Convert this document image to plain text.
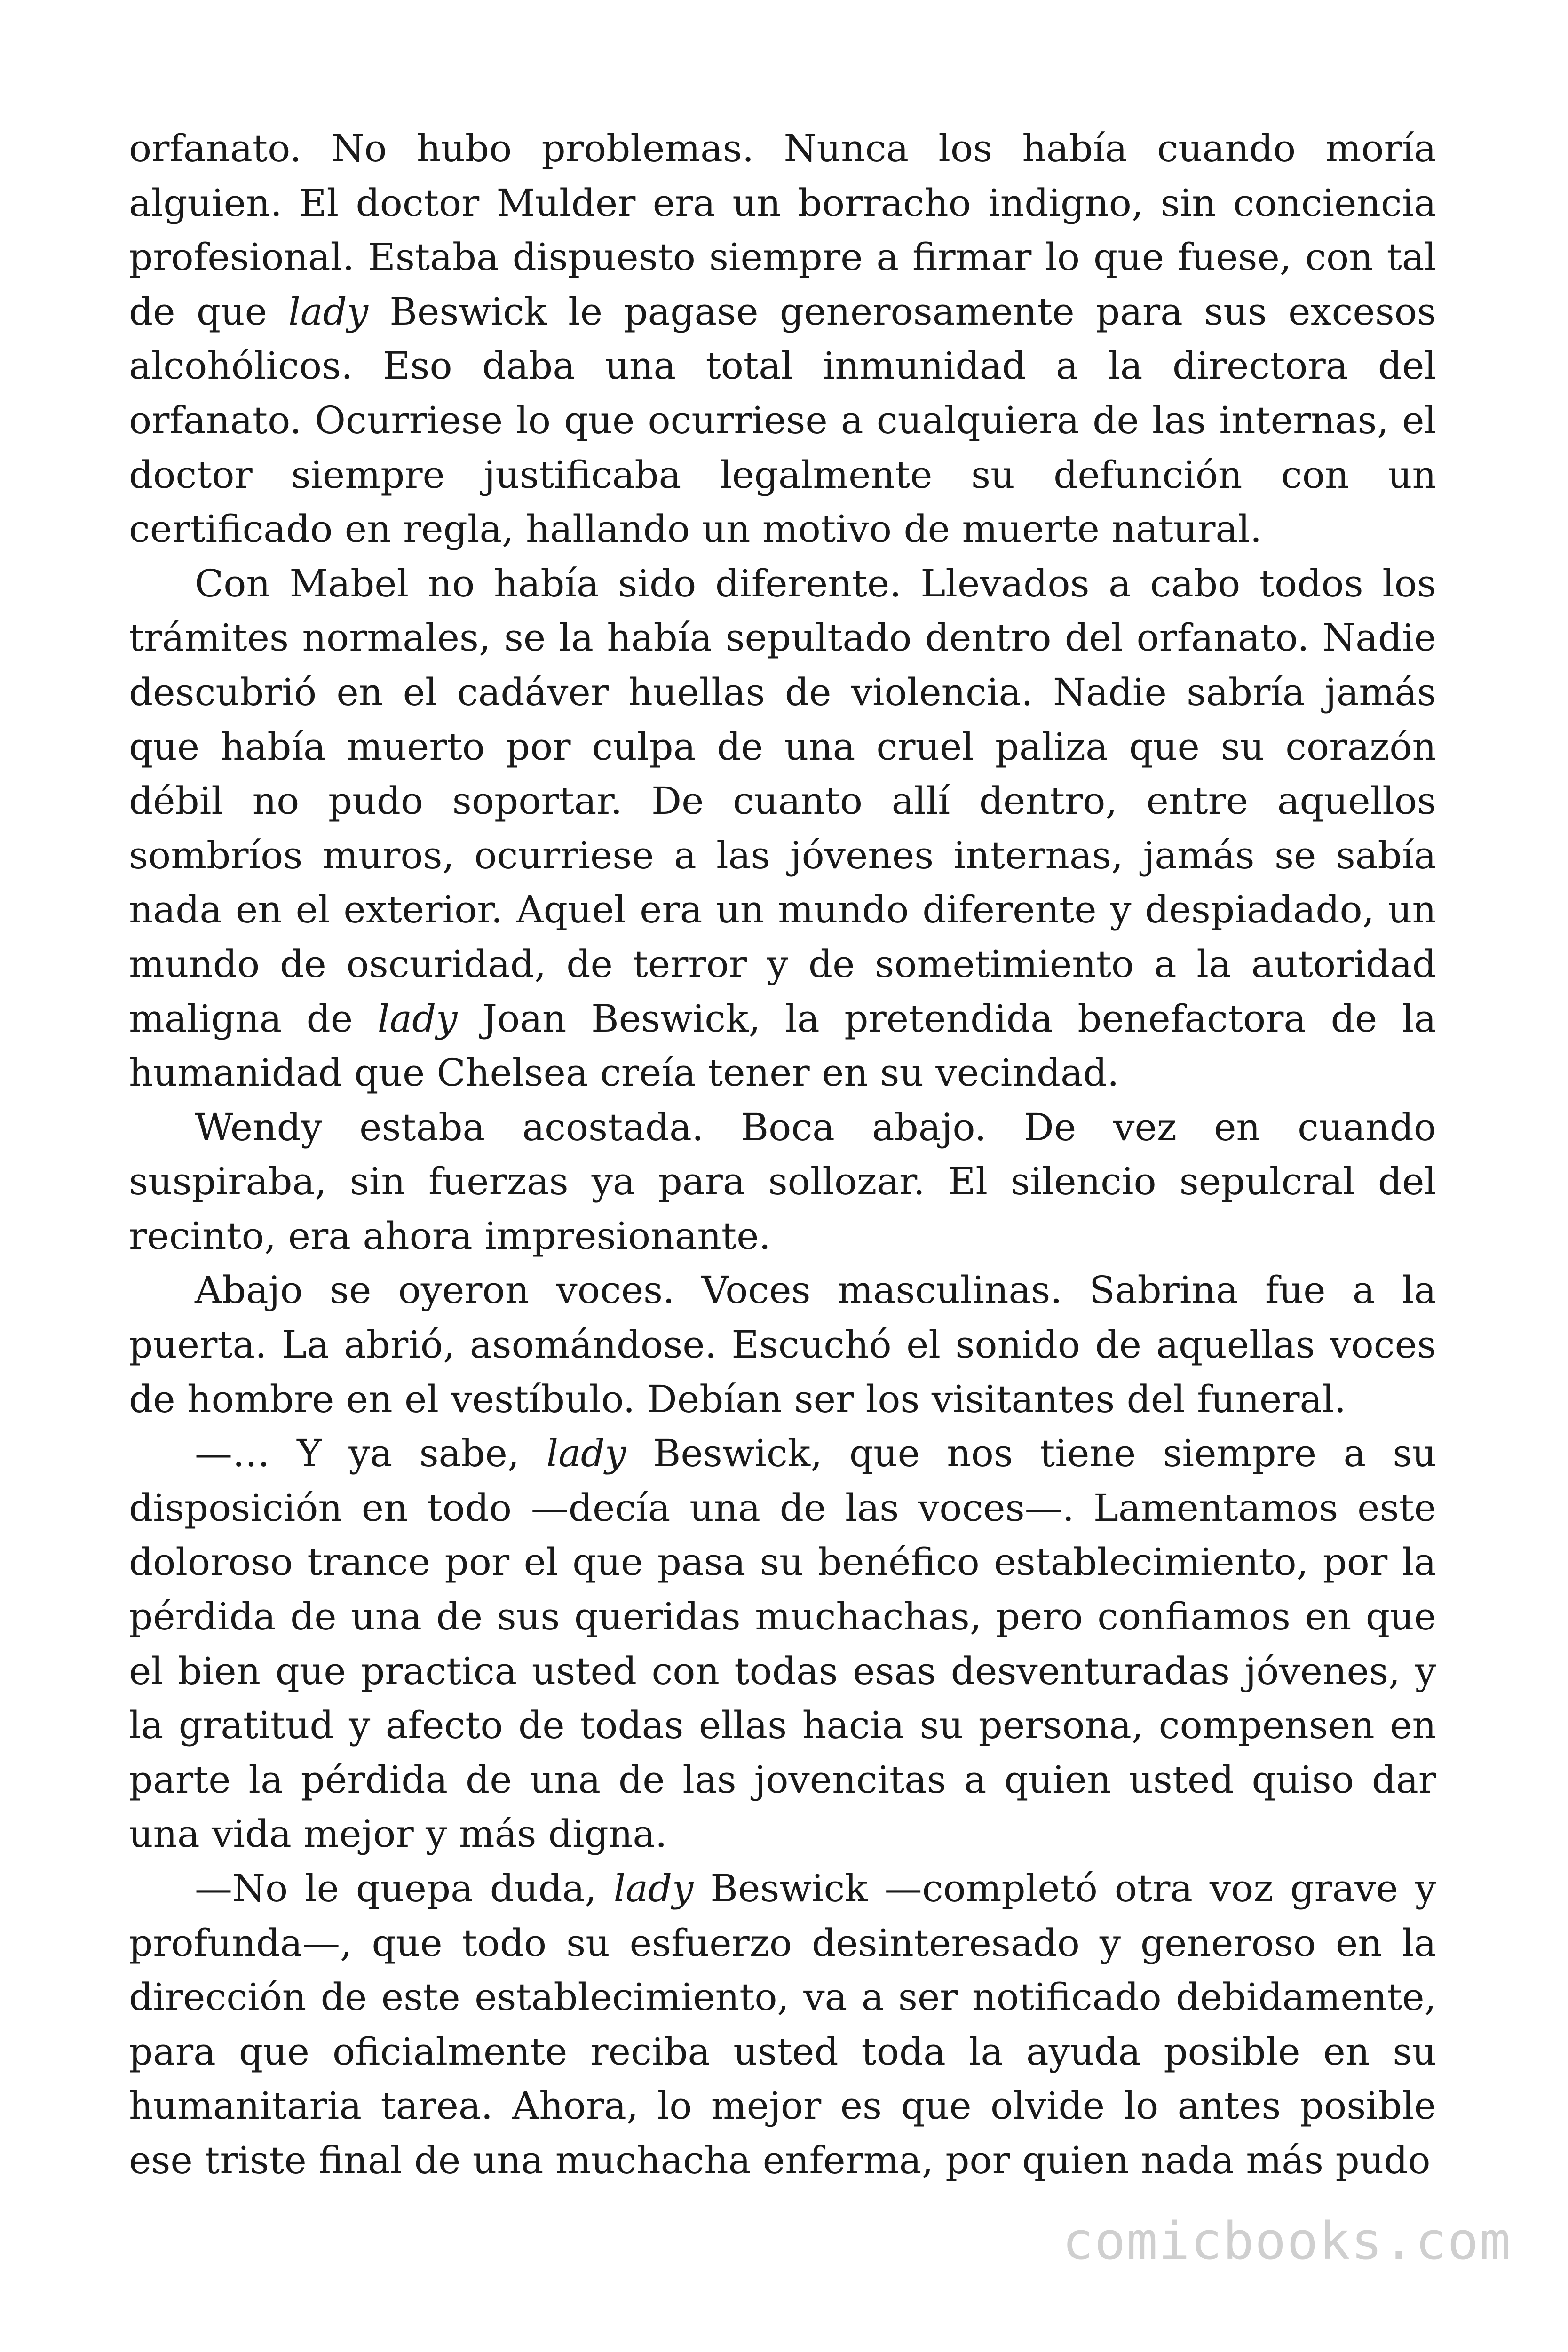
orfanato. No hubo problemas. Nunca los había cuando moría alguien. El doctor Mulder era un borracho indigno, sin conciencia profesional. Estaba dispuesto siempre a firmar lo que fuese, con tal de que lady Beswick le pagase generosamente para sus excesos alcohólicos. Eso daba una total inmunidad a la directora del orfanato. Ocurriese lo que ocurriese a cualquiera de las internas, el doctor siempre justificaba legalmente su defunción con un certificado en regla, hallando un motivo de muerte natural.

Con Mabel no había sido diferente. Llevados a cabo todos los trámites normales, se la había sepultado dentro del orfanato. Nadie descubrió en el cadáver huellas de violencia. Nadie sabría jamás que había muerto por culpa de una cruel paliza que su corazón débil no pudo soportar. De cuanto allí dentro, entre aquellos sombríos muros, ocurriese a las jóvenes internas, jamás se sabía nada en el exterior. Aquel era un mundo diferente y despiadado, un mundo de oscuridad, de terror y de sometimiento a la autoridad maligna de lady Joan Beswick, la pretendida benefactora de la humanidad que Chelsea creía tener en su vecindad.

Wendy estaba acostada. Boca abajo. De vez en cuando suspiraba, sin fuerzas ya para sollozar. El silencio sepulcral del recinto, era ahora impresionante.

Abajo se oyeron voces. Voces masculinas. Sabrina fue a la puerta. La abrió, asomándose. Escuchó el sonido de aquellas voces de hombre en el vestíbulo. Debían ser los visitantes del funeral.

—… Y ya sabe, lady Beswick, que nos tiene siempre a su disposición en todo —decía una de las voces—. Lamentamos este doloroso trance por el que pasa su benéfico establecimiento, por la pérdida de una de sus queridas muchachas, pero confiamos en que el bien que practica usted con todas esas desventuradas jóvenes, y la gratitud y afecto de todas ellas hacia su persona, compensen en parte la pérdida de una de las jovencitas a quien usted quiso dar una vida mejor y más digna.

—No le quepa duda, lady Beswick —completó otra voz grave y profunda—, que todo su esfuerzo desinteresado y generoso en la dirección de este establecimiento, va a ser notificado debidamente, para que oficialmente reciba usted toda la ayuda posible en su humanitaria tarea. Ahora, lo mejor es que olvide lo antes posible ese triste final de una muchacha enferma, por quien nada más pudo

comicbooks.com
